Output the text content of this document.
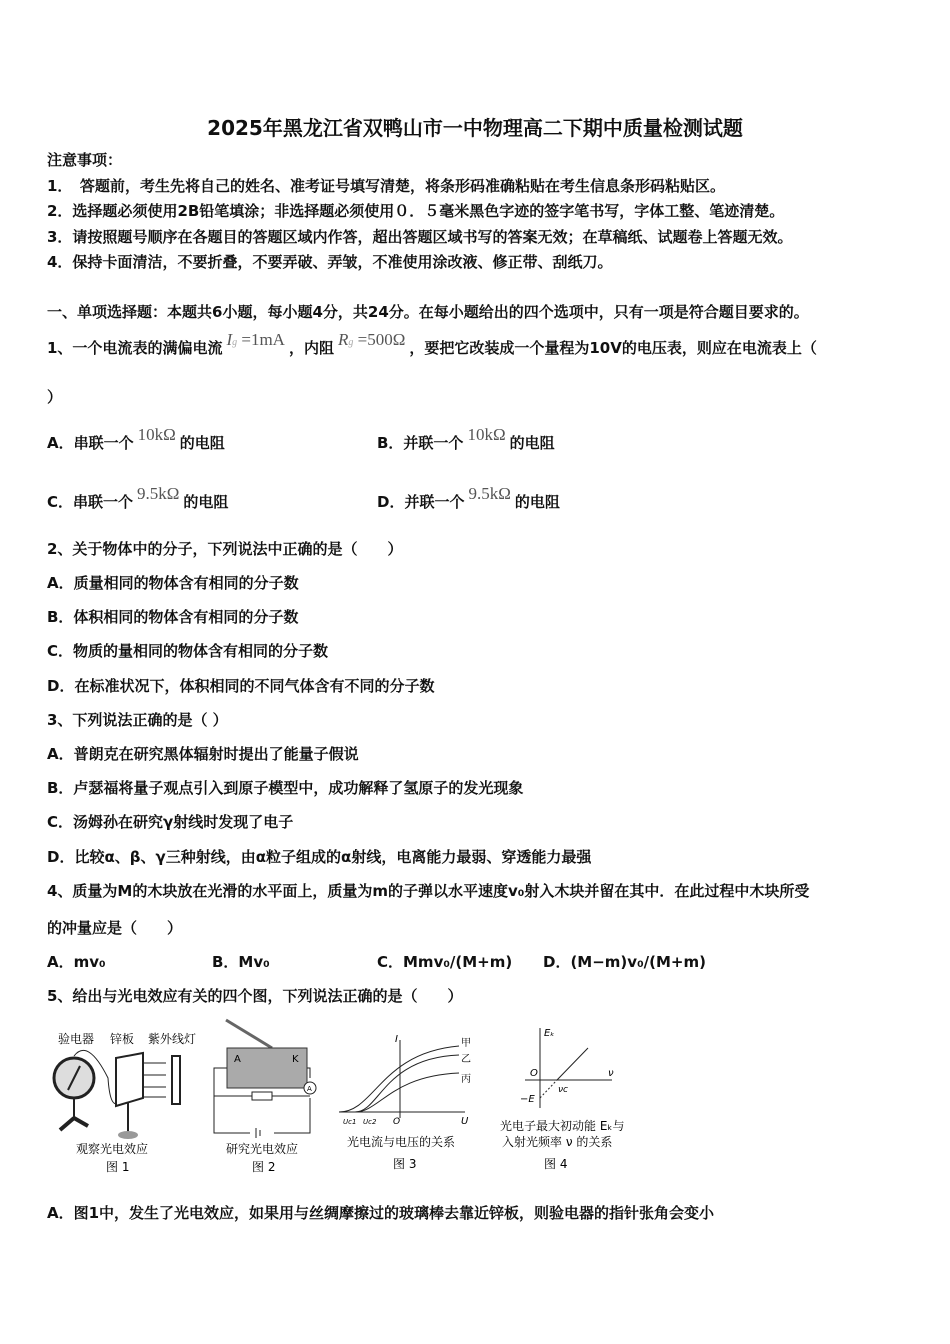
2025年黑龙江省双鸭山市一中物理高二下期中质量检测试题
注意事项：
1．　答题前，考生先将自己的姓名、准考证号填写清楚，将条形码准确粘贴在考生信息条形码粘贴区。
2．选择题必须使用2B铅笔填涂；非选择题必须使用０．５毫米黑色字迹的签字笔书写，字体工整、笔迹清楚。
3．请按照题号顺序在各题目的答题区域内作答，超出答题区域书写的答案无效；在草稿纸、试题卷上答题无效。
4．保持卡面清洁，不要折叠，不要弄破、弄皱，不准使用涂改液、修正带、刮纸刀。
一、单项选择题：本题共6小题，每小题4分，共24分。在每小题给出的四个选项中，只有一项是符合题目要求的。
1、一个电流表的满偏电流 Ig =1mA ，内阻 Rg =500Ω ，要把它改装成一个量程为10V的电压表，则应在电流表上（
）
A．串联一个 10kΩ 的电阻	B．并联一个 10kΩ 的电阻
C．串联一个 9.5kΩ 的电阻	D．并联一个 9.5kΩ 的电阻
2、关于物体中的分子，下列说法中正确的是（　　）
A．质量相同的物体含有相同的分子数
B．体积相同的物体含有相同的分子数
C．物质的量相同的物体含有相同的分子数
D．在标准状况下，体积相同的不同气体含有不同的分子数
3、下列说法正确的是（ ）
A．普朗克在研究黑体辐射时提出了能量子假说
B．卢瑟福将量子观点引入到原子模型中，成功解释了氢原子的发光现象
C．汤姆孙在研究γ射线时发现了电子
D．比较α、β、γ三种射线，由α粒子组成的α射线，电离能力最弱、穿透能力最强
4、质量为M的木块放在光滑的水平面上，质量为m的子弹以水平速度v₀射入木块并留在其中．在此过程中木块所受
的冲量应是（　　）
A．mv₀	B．Mv₀	C．Mmv₀/(M+m) D．(M−m)v₀/(M+m)
5、给出与光电效应有关的四个图，下列说法正确的是（　　）
验电器 锌板 紫外线灯
观察光电效应
图 1
A	K
A
研究光电效应
图 2
I	甲
乙
丙
U
O
Uc1 Uc2
光电流与电压的关系
图 3
Eₖ
O	ν
νc
−E
光电子最大初动能 Eₖ与
入射光频率 ν 的关系
图 4
A．图1中，发生了光电效应，如果用与丝绸摩擦过的玻璃棒去靠近锌板，则验电器的指针张角会变小
